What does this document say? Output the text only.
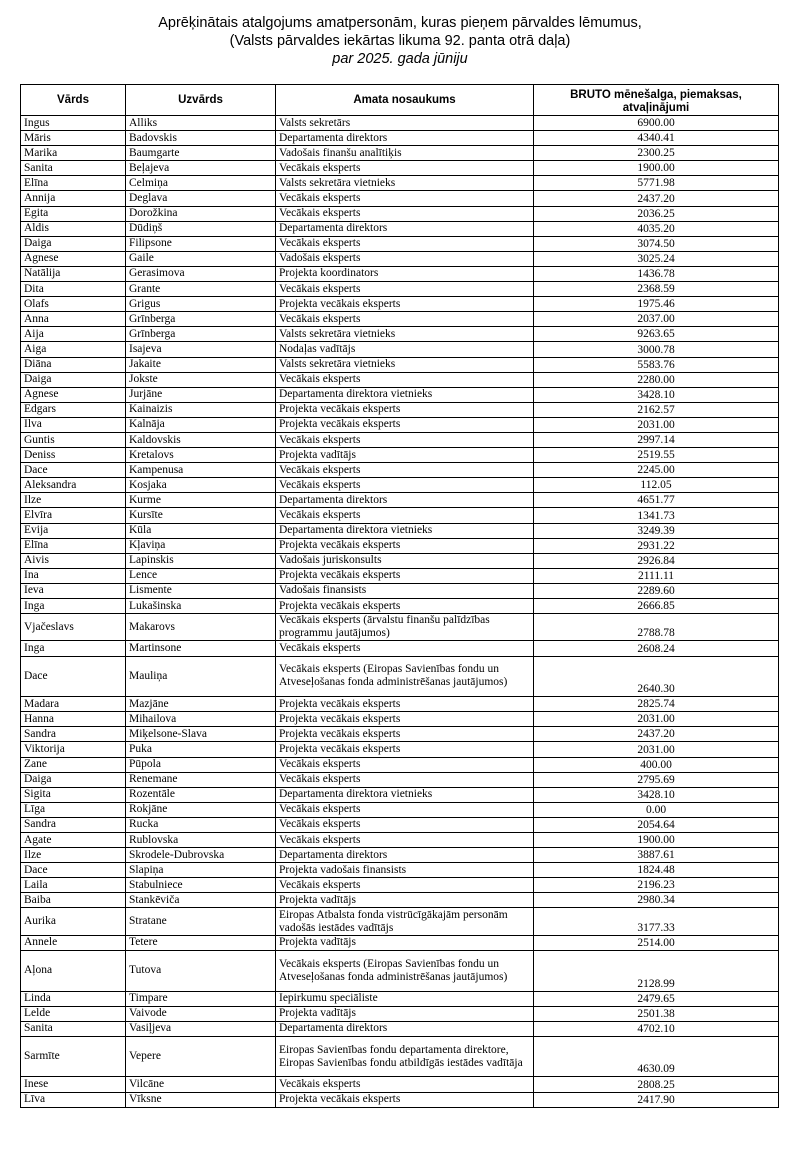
Aprēķinātais atalgojums amatpersonām, kuras pieņem pārvaldes lēmumus,
(Valsts pārvaldes iekārtas likuma 92. panta otrā daļa)
par 2025. gada jūniju
Vārds	Uzvārds	Amata nosaukums	BRUTO mēnešalga, piemaksas, atvaļinājumi
Ingus	Alliks	Valsts sekretārs	6900.00
Māris	Badovskis	Departamenta direktors	4340.41
Marika	Baumgarte	Vadošais finanšu analītiķis	2300.25
Sanita	Beļajeva	Vecākais eksperts	1900.00
Elīna	Celmiņa	Valsts sekretāra vietnieks	5771.98
Annija	Deglava	Vecākais eksperts	2437.20
Egita	Dorožkina	Vecākais eksperts	2036.25
Aldis	Dūdiņš	Departamenta direktors	4035.20
Daiga	Filipsone	Vecākais eksperts	3074.50
Agnese	Gaile	Vadošais eksperts	3025.24
Natālija	Gerasimova	Projekta koordinators	1436.78
Dita	Grante	Vecākais eksperts	2368.59
Olafs	Grigus	Projekta vecākais eksperts	1975.46
Anna	Grīnberga	Vecākais eksperts	2037.00
Aija	Grīnberga	Valsts sekretāra vietnieks	9263.65
Aiga	Isajeva	Nodaļas vadītājs	3000.78
Diāna	Jakaite	Valsts sekretāra vietnieks	5583.76
Daiga	Jokste	Vecākais eksperts	2280.00
Agnese	Jurjāne	Departamenta direktora vietnieks	3428.10
Edgars	Kainaizis	Projekta vecākais eksperts	2162.57
Ilva	Kalnāja	Projekta vecākais eksperts	2031.00
Guntis	Kaldovskis	Vecākais eksperts	2997.14
Deniss	Kretalovs	Projekta vadītājs	2519.55
Dace	Kampenusa	Vecākais eksperts	2245.00
Aleksandra	Kosjaka	Vecākais eksperts	112.05
Ilze	Kurme	Departamenta direktors	4651.77
Elvīra	Kursīte	Vecākais eksperts	1341.73
Evija	Kūla	Departamenta direktora vietnieks	3249.39
Elīna	Kļaviņa	Projekta vecākais eksperts	2931.22
Aivis	Lapinskis	Vadošais juriskonsults	2926.84
Ina	Lence	Projekta vecākais eksperts	2111.11
Ieva	Lismente	Vadošais finansists	2289.60
Inga	Lukašinska	Projekta vecākais eksperts	2666.85
Vjačeslavs	Makarovs	Vecākais eksperts (ārvalstu finanšu palīdzības programmu jautājumos)	2788.78
Inga	Martinsone	Vecākais eksperts	2608.24
Dace	Mauliņa	Vecākais eksperts (Eiropas Savienības fondu un Atveseļošanas fonda administrēšanas jautājumos)	2640.30
Madara	Mazjāne	Projekta vecākais eksperts	2825.74
Hanna	Mihailova	Projekta vecākais eksperts	2031.00
Sandra	Miķelsone-Slava	Projekta vecākais eksperts	2437.20
Viktorija	Puka	Projekta vecākais eksperts	2031.00
Zane	Pūpola	Vecākais eksperts	400.00
Daiga	Renemane	Vecākais eksperts	2795.69
Sigita	Rozentāle	Departamenta direktora vietnieks	3428.10
Līga	Rokjāne	Vecākais eksperts	0.00
Sandra	Rucka	Vecākais eksperts	2054.64
Agate	Rublovska	Vecākais eksperts	1900.00
Ilze	Skrodele-Dubrovska	Departamenta direktors	3887.61
Dace	Slapiņa	Projekta vadošais finansists	1824.48
Laila	Stabulniece	Vecākais eksperts	2196.23
Baiba	Stankēviča	Projekta vadītājs	2980.34
Aurika	Stratane	Eiropas Atbalsta fonda vistrūcīgākajām personām vadošās iestādes vadītājs	3177.33
Annele	Tetere	Projekta vadītājs	2514.00
Aļona	Tutova	Vecākais eksperts (Eiropas Savienības fondu un Atveseļošanas fonda administrēšanas jautājumos)	2128.99
Linda	Timpare	Iepirkumu speciāliste	2479.65
Lelde	Vaivode	Projekta vadītājs	2501.38
Sanita	Vasiļjeva	Departamenta direktors	4702.10
Sarmīte	Vepere	Eiropas Savienības fondu departamenta direktore, Eiropas Savienības fondu atbildīgās iestādes vadītāja	4630.09
Inese	Vilcāne	Vecākais eksperts	2808.25
Līva	Vīksne	Projekta vecākais eksperts	2417.90
